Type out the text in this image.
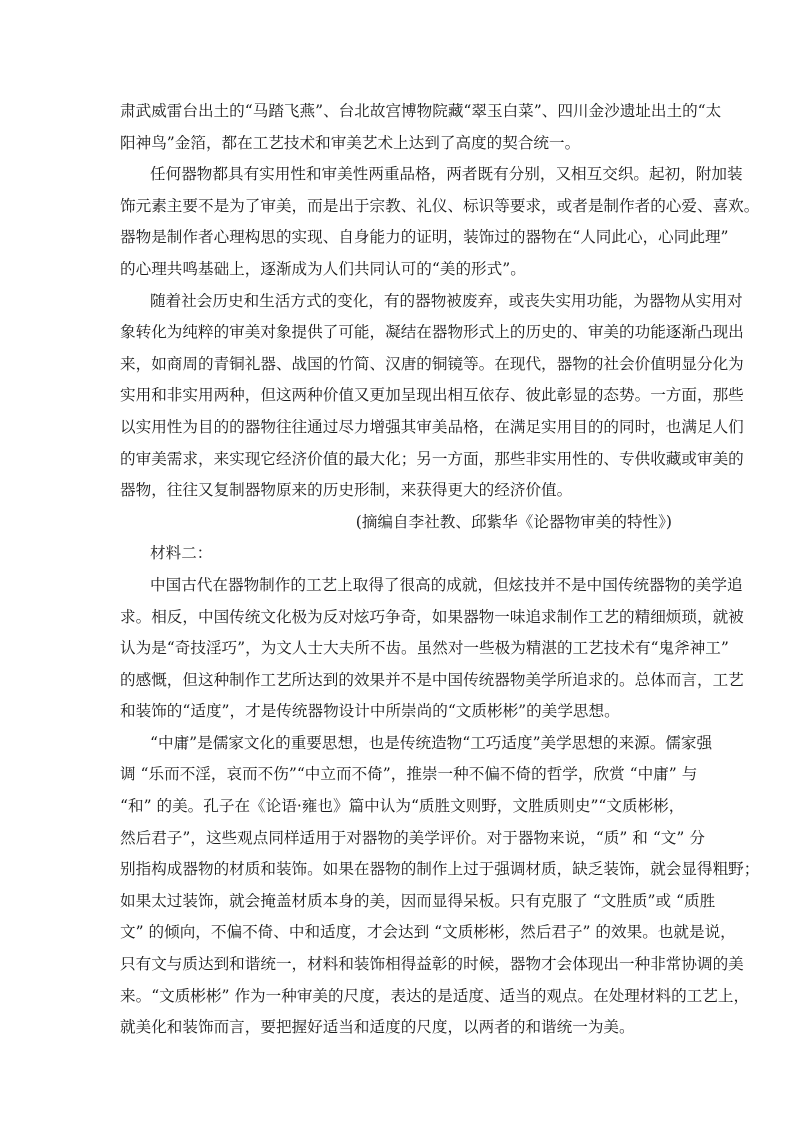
肃武威雷台出土的“马踏飞燕”、台北故宫博物院藏“翠玉白菜”、四川金沙遗址出土的“太
阳神鸟”金箔，都在工艺技术和审美艺术上达到了高度的契合统一。
任何器物都具有实用性和审美性两重品格，两者既有分别，又相互交织。起初，附加装
饰元素主要不是为了审美，而是出于宗教、礼仪、标识等要求，或者是制作者的心爱、喜欢。
器物是制作者心理构思的实现、自身能力的证明，装饰过的器物在“人同此心，心同此理”
的心理共鸣基础上，逐渐成为人们共同认可的“美的形式”。
随着社会历史和生活方式的变化，有的器物被废弃，或丧失实用功能，为器物从实用对
象转化为纯粹的审美对象提供了可能，凝结在器物形式上的历史的、审美的功能逐渐凸现出
来，如商周的青铜礼器、战国的竹简、汉唐的铜镜等。在现代，器物的社会价值明显分化为
实用和非实用两种，但这两种价值又更加呈现出相互依存、彼此彰显的态势。一方面，那些
以实用性为目的的器物往往通过尽力增强其审美品格，在满足实用目的的同时，也满足人们
的审美需求，来实现它经济价值的最大化；另一方面，那些非实用性的、专供收藏或审美的
器物，往往又复制器物原来的历史形制，来获得更大的经济价值。
(摘编自李社教、邱紫华《论器物审美的特性》)
材料二：
中国古代在器物制作的工艺上取得了很高的成就，但炫技并不是中国传统器物的美学追
求。相反，中国传统文化极为反对炫巧争奇，如果器物一味追求制作工艺的精细烦琐，就被
认为是“奇技淫巧”，为文人士大夫所不齿。虽然对一些极为精湛的工艺技术有“鬼斧神工”
的感慨，但这种制作工艺所达到的效果并不是中国传统器物美学所追求的。总体而言，工艺
和装饰的“适度”，才是传统器物设计中所崇尚的“文质彬彬”的美学思想。
“中庸”是儒家文化的重要思想，也是传统造物“工巧适度”美学思想的来源。儒家强
调 “乐而不淫，哀而不伤”“中立而不倚”，推崇一种不偏不倚的哲学，欣赏 “中庸” 与
“和” 的美。孔子在《论语·雍也》篇中认为“质胜文则野，文胜质则史”“文质彬彬，
然后君子”，这些观点同样适用于对器物的美学评价。对于器物来说，“质” 和 “文” 分
别指构成器物的材质和装饰。如果在器物的制作上过于强调材质，缺乏装饰，就会显得粗野；
如果太过装饰，就会掩盖材质本身的美，因而显得呆板。只有克服了 “文胜质”或 “质胜
文” 的倾向，不偏不倚、中和适度，才会达到 “文质彬彬，然后君子” 的效果。也就是说，
只有文与质达到和谐统一，材料和装饰相得益彰的时候，器物才会体现出一种非常协调的美
来。“文质彬彬” 作为一种审美的尺度，表达的是适度、适当的观点。在处理材料的工艺上，
就美化和装饰而言，要把握好适当和适度的尺度，以两者的和谐统一为美。
